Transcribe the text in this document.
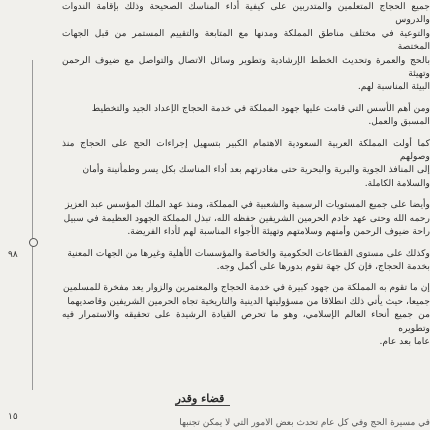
جميع الحجاج المتعلمين والمتدربين على كيفية أداء المناسك الصحيحة وذلك بإقامة الندوات والدروس

والتوعية في مختلف مناطق المملكة ومدنها مع المتابعة والتقييم المستمر من قبل الجهات المختصة

بالحج والعمرة وتحديث الخطط الإرشادية وتطوير وسائل الاتصال والتواصل مع ضيوف الرحمن وتهيئة

البيئة المناسبة لهم.

ومن أهم الأسس التي قامت عليها جهود المملكة في خدمة الحجاج الإعداد الجيد والتخطيط

المسبق والعمل.

كما أولت المملكة العربية السعودية الاهتمام الكبير بتسهيل إجراءات الحج على الحجاج منذ وصولهم

إلى المنافذ الجوية والبرية والبحرية حتى مغادرتهم بعد أداء المناسك بكل يسر وطمأنينة وأمان

والسلامة الكاملة.

وأيضا على جميع المستويات الرسمية والشعبية في المملكة، ومنذ عهد الملك المؤسس عبد العزيز

رحمه الله وحتى عهد خادم الحرمين الشريفين حفظه الله، تبذل المملكة الجهود العظيمة في سبيل

راحة ضيوف الرحمن وأمنهم وسلامتهم وتهيئة الأجواء المناسبة لهم لأداء الفريضة.

وكذلك على مستوى القطاعات الحكومية والخاصة والمؤسسات الأهلية وغيرها من الجهات المعنية

بخدمة الحجاج، فإن كل جهة تقوم بدورها على أكمل وجه.

إن ما تقوم به المملكة من جهود كبيرة في خدمة الحجاج والمعتمرين والزوار يعد مفخرة للمسلمين

جميعا، حيث يأتي ذلك انطلاقا من مسؤوليتها الدينية والتاريخية تجاه الحرمين الشريفين وقاصديهما

من جميع أنحاء العالم الإسلامي، وهو ما تحرص القيادة الرشيدة على تحقيقه والاستمرار فيه وتطويره

عاما بعد عام.

قضاء وقدر
في مسيرة الحج وفي كل عام تحدث بعض الأمور التي لا يمكن تجنبها
٩٨
١٥
